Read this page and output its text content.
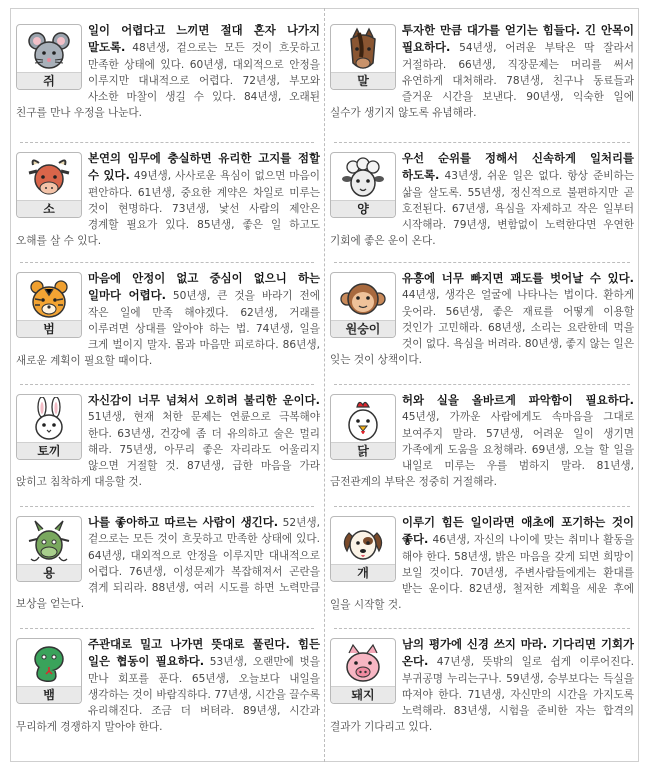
쥐
일이 어렵다고 느끼면 절대 혼자 나가지 말도록. 48년생, 겉으로는 모든 것이 흐뭇하고 만족한 상태에 있다. 60년생, 대외적으로 안정을 이루지만 대내적으로 어렵다. 72년생, 부모와 사소한 마찰이 생길 수 있다. 84년생, 오래된 친구를 만나 우정을 나눈다.
말
투자한 만큼 대가를 얻기는 힘들다. 긴 안목이 필요하다. 54년생, 어려운 부탁은 딱 잘라서 거절하라. 66년생, 직장문제는 머리를 써서 유연하게 대처해라. 78년생, 친구나 동료들과 즐거운 시간을 보낸다. 90년생, 익숙한 일에 실수가 생기지 않도록 유념해라.
소
본연의 임무에 충실하면 유리한 고지를 점할 수 있다. 49년생, 사사로운 욕심이 없으면 마음이 편안하다. 61년생, 중요한 계약은 차일로 미루는 것이 현명하다. 73년생, 낯선 사람의 제안은 경계할 필요가 있다. 85년생, 좋은 일 하고도 오해를 살 수 있다.
양
우선 순위를 정해서 신속하게 일처리를 하도록. 43년생, 쉬운 일은 없다. 항상 준비하는 삶을 살도록. 55년생, 정신적으로 불편하지만 곧 호전된다. 67년생, 욕심을 자제하고 작은 일부터 시작해라. 79년생, 변함없이 노력한다면 우연한 기회에 좋은 운이 온다.
범
마음에 안정이 없고 중심이 없으니 하는 일마다 어렵다. 50년생, 큰 것을 바라기 전에 작은 일에 만족 해야겠다. 62년생, 거래를 이루려면 상대를 알아야 하는 법. 74년생, 일을 크게 벌이지 말자. 몸과 마음만 피로하다. 86년생, 새로운 계획이 필요할 때이다.
원숭이
유흥에 너무 빠지면 괘도를 벗어날 수 있다. 44년생, 생각은 얼굴에 나타나는 법이다. 환하게 웃어라. 56년생, 좋은 재료를 어떻게 이용할 것인가 고민해라. 68년생, 소리는 요란한데 먹을 것이 없다. 욕심을 버려라. 80년생, 좋지 않는 일은 잊는 것이 상책이다.
토끼
자신감이 너무 넘쳐서 오히려 불리한 운이다. 51년생, 현재 처한 문제는 연륜으로 극복해야 한다. 63년생, 건강에 좀 더 유의하고 술은 멀리 해라. 75년생, 아무리 좋은 자리라도 어울리지 않으면 거절할 것. 87년생, 급한 마음을 가라 앉히고 침착하게 대응할 것.
닭
허와 실을 올바르게 파악함이 필요하다. 45년생, 가까운 사람에게도 속마음을 그대로 보여주지 말라. 57년생, 어려운 일이 생기면 가족에게 도움을 요청해라. 69년생, 오늘 할 일을 내일로 미루는 우를 범하지 말라. 81년생, 금전관계의 부탁은 정중히 거절해라.
용
나를 좋아하고 따르는 사람이 생긴다. 52년생, 겉으로는 모든 것이 흐뭇하고 만족한 상태에 있다. 64년생, 대외적으로 안정을 이루지만 대내적으로 어렵다. 76년생, 이성문제가 복잡해져서 곤란을 겪게 되리라. 88년생, 여러 시도를 하면 노력만큼 보상을 얻는다.
개
이루기 힘든 일이라면 애초에 포기하는 것이 좋다. 46년생, 자신의 나이에 맞는 취미나 활동을 해야 한다. 58년생, 밝은 마음을 갖게 되면 희망이 보일 것이다. 70년생, 주변사람들에게는 환대를 받는 운이다. 82년생, 철저한 계획을 세운 후에 일을 시작할 것.
뱀
주관대로 밀고 나가면 뜻대로 풀린다. 힘든 일은 협동이 필요하다. 53년생, 오랜만에 벗을 만나 회포를 푼다. 65년생, 오늘보다 내일을 생각하는 것이 바람직하다. 77년생, 시간을 끌수록 유리해진다. 조금 더 버텨라. 89년생, 시간과 무리하게 경쟁하지 말아야 한다.
돼지
남의 평가에 신경 쓰지 마라. 기다리면 기회가 온다. 47년생, 뜻밖의 일로 쉽게 이루어진다. 부귀공명 누리는구나. 59년생, 승부보다는 득실을 따져야 한다. 71년생, 자신만의 시간을 가지도록 노력해라. 83년생, 시험을 준비한 자는 합격의 결과가 기다리고 있다.
